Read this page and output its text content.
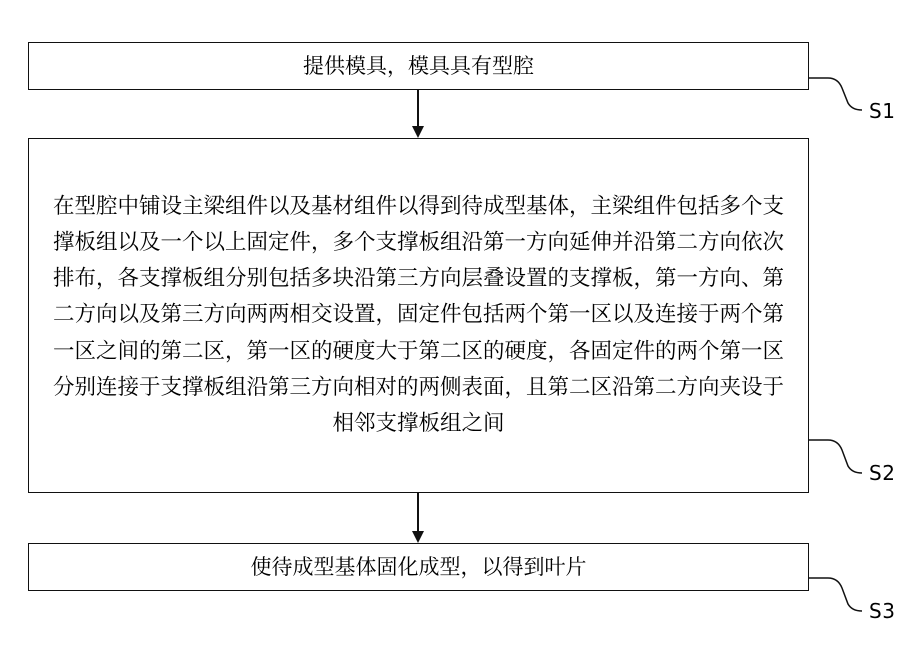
提供模具，模具具有型腔
在型腔中铺设主梁组件以及基材组件以得到待成型基体，主梁组件包括多个支撑板组以及一个以上固定件，多个支撑板组沿第一方向延伸并沿第二方向依次排布，各支撑板组分别包括多块沿第三方向层叠设置的支撑板，第一方向、第二方向以及第三方向两两相交设置，固定件包括两个第一区以及连接于两个第一区之间的第二区，第一区的硬度大于第二区的硬度，各固定件的两个第一区分别连接于支撑板组沿第三方向相对的两侧表面，且第二区沿第二方向夹设于相邻支撑板组之间
使待成型基体固化成型，以得到叶片
S1
S2
S3
